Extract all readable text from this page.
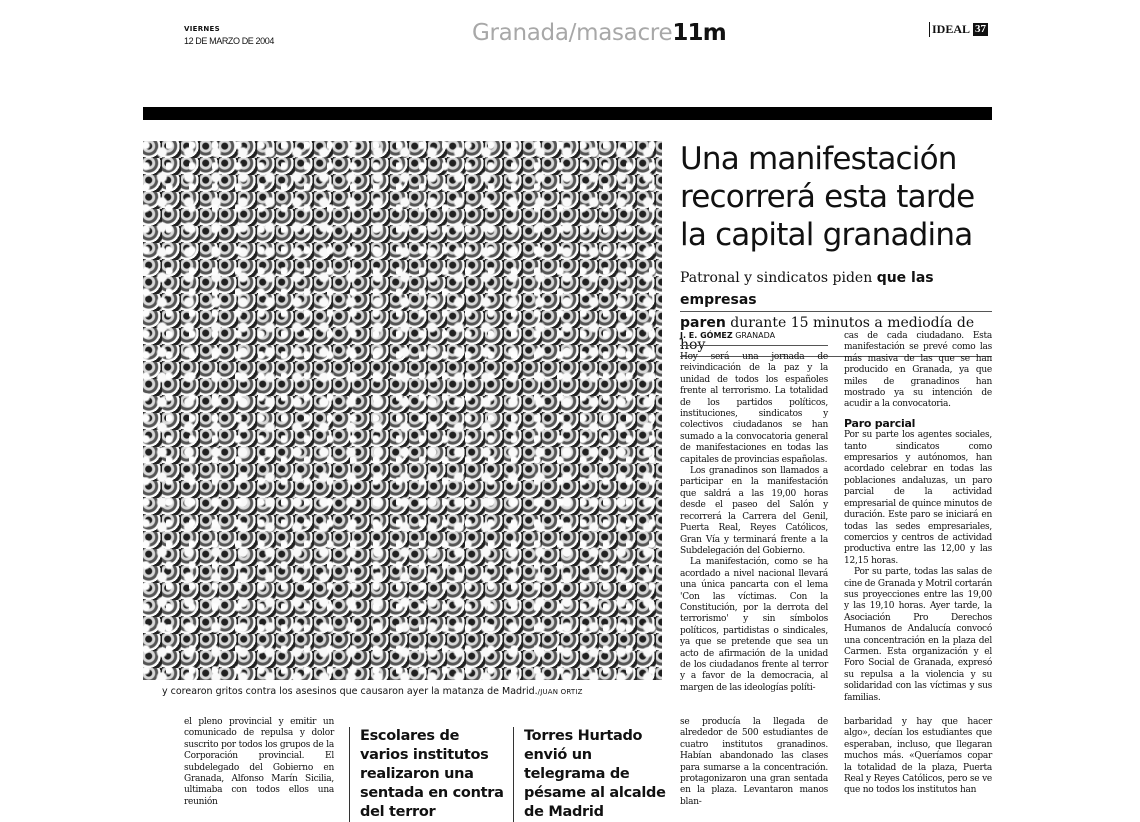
VIERNES
12 DE MARZO DE 2004	Granada/masacre11m	IDEAL 37
y corearon gritos contra los asesinos que causaron ayer la matanza de Madrid./JUAN ORTIZ
Una manifestación recorrerá esta tarde la capital granadina
Patronal y sindicatos piden que las empresas
paren durante 15 minutos a mediodía de hoy
J. E. GÓMEZ GRANADA

Hoy será una jornada de reivindicación de la paz y la unidad de todos los españoles frente al terrorismo. La totalidad de los partidos políticos, instituciones, sindicatos y colectivos ciudadanos se han sumado a la convocatoria general de manifestaciones en todas las capitales de provincias españolas.

Los granadinos son llamados a participar en la manifestación que saldrá a las 19,00 horas desde el paseo del Salón y recorrerá la Carrera del Genil, Puerta Real, Reyes Católicos, Gran Vía y terminará frente a la Subdelegación del Gobierno.

La manifestación, como se ha acordado a nivel nacional llevará una única pancarta con el lema 'Con las víctimas. Con la Constitución, por la derrota del terrorismo' y sin símbolos políticos, partidistas o sindicales, ya que se pretende que sea un acto de afirmación de la unidad de los ciudadanos frente al terror y a favor de la democracia, al margen de las ideologías políti-

cas de cada ciudadano. Esta manifestación se prevé como las más masiva de las que se han producido en Granada, ya que miles de granadinos han mostrado ya su intención de acudir a la convocatoria.

Paro parcial

Por su parte los agentes sociales, tanto sindicatos como empresarios y autónomos, han acordado celebrar en todas las poblaciones andaluzas, un paro parcial de la actividad empresarial de quince minutos de duración. Este paro se iniciará en todas las sedes empresariales, comercios y centros de actividad productiva entre las 12,00 y las 12,15 horas.

Por su parte, todas las salas de cine de Granada y Motril cortarán sus proyecciones entre las 19,00 y las 19,10 horas. Ayer tarde, la Asociación Pro Derechos Humanos de Andalucía convocó una concentración en la plaza del Carmen. Esta organización y el Foro Social de Granada, expresó su repulsa a la violencia y su solidaridad con las víctimas y sus familias.

el pleno provincial y emitir un comunicado de repulsa y dolor suscrito por todos los grupos de la Corporación provincial. El subdelegado del Gobierno en Granada, Alfonso Marín Sicilia, ultimaba con todos ellos una reunión

Escolares de varios institutos realizaron una sentada en contra del terror
Torres Hurtado envió un telegrama de pésame al alcalde de Madrid

se producía la llegada de alrededor de 500 estudiantes de cuatro institutos granadinos. Habían abandonado las clases para sumarse a la concentración. protagonizaron una gran sentada en la plaza. Levantaron manos blan-

barbaridad y hay que hacer algo», decían los estudiantes que esperaban, incluso, que llegaran muchos más. «Queríamos copar la totalidad de la plaza, Puerta Real y Reyes Católicos, pero se ve que no todos los institutos han
